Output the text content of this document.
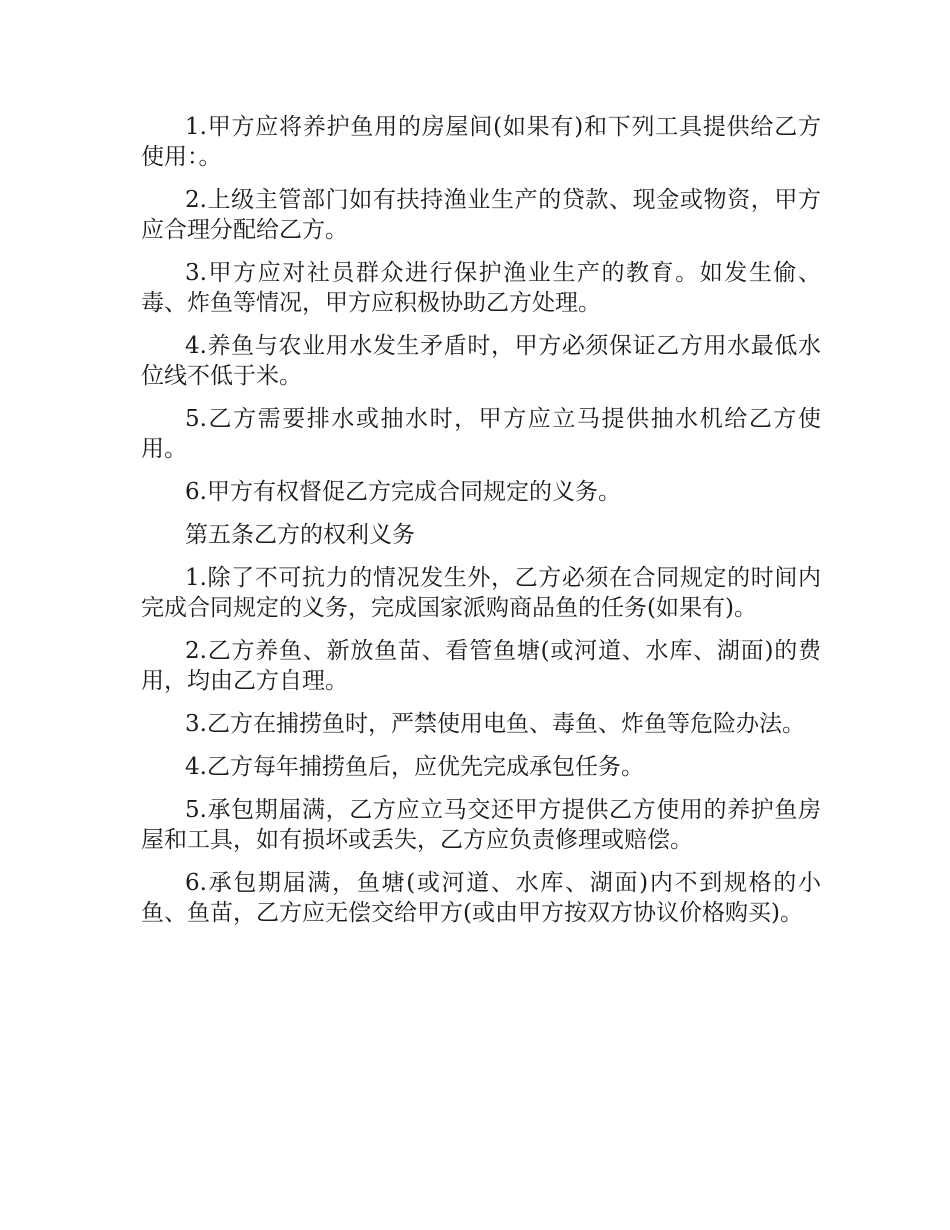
1.甲方应将养护鱼用的房屋间(如果有)和下列工具提供给乙方使用：。

2.上级主管部门如有扶持渔业生产的贷款、现金或物资，甲方应合理分配给乙方。

3.甲方应对社员群众进行保护渔业生产的教育。如发生偷、毒、炸鱼等情况，甲方应积极协助乙方处理。

4.养鱼与农业用水发生矛盾时，甲方必须保证乙方用水最低水位线不低于米。

5.乙方需要排水或抽水时，甲方应立马提供抽水机给乙方使用。

6.甲方有权督促乙方完成合同规定的义务。

第五条乙方的权利义务

1.除了不可抗力的情况发生外，乙方必须在合同规定的时间内完成合同规定的义务，完成国家派购商品鱼的任务(如果有)。

2.乙方养鱼、新放鱼苗、看管鱼塘(或河道、水库、湖面)的费用，均由乙方自理。

3.乙方在捕捞鱼时，严禁使用电鱼、毒鱼、炸鱼等危险办法。

4.乙方每年捕捞鱼后，应优先完成承包任务。

5.承包期届满，乙方应立马交还甲方提供乙方使用的养护鱼房屋和工具，如有损坏或丢失，乙方应负责修理或赔偿。

6.承包期届满，鱼塘(或河道、水库、湖面)内不到规格的小鱼、鱼苗，乙方应无偿交给甲方(或由甲方按双方协议价格购买)。
